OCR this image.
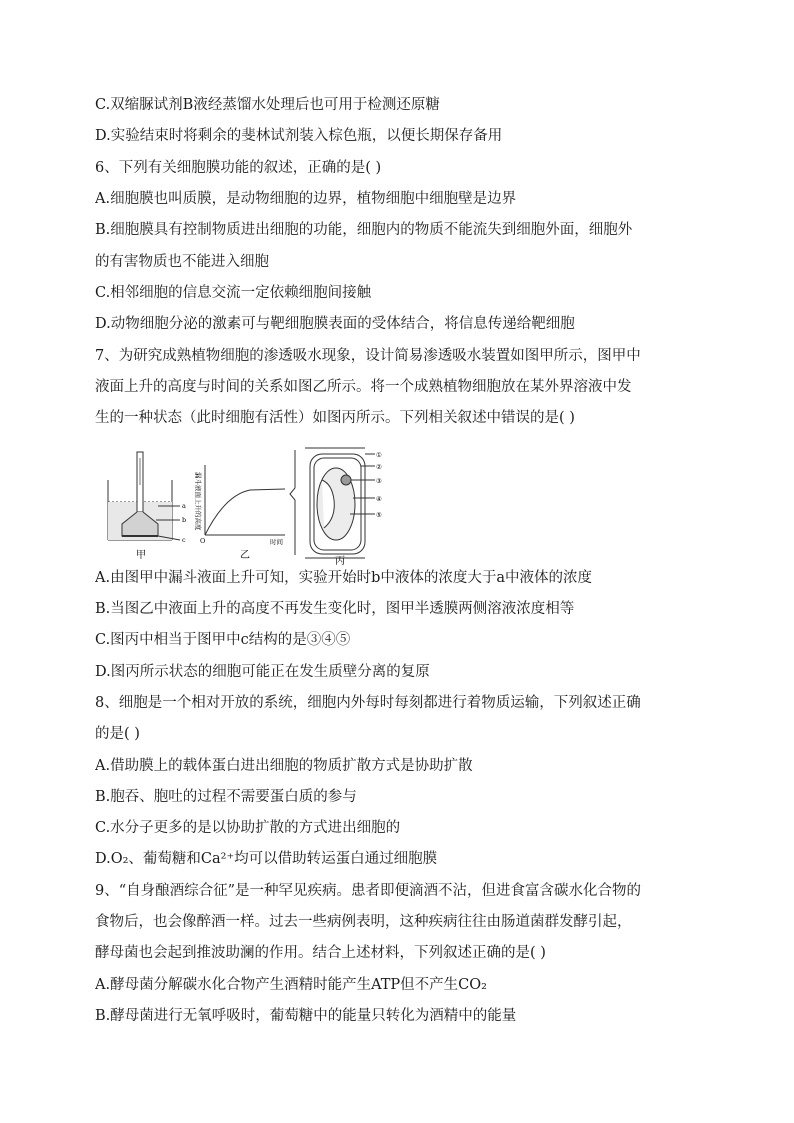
C.双缩脲试剂B液经蒸馏水处理后也可用于检测还原糖
D.实验结束时将剩余的斐林试剂装入棕色瓶，以便长期保存备用
6、下列有关细胞膜功能的叙述，正确的是( )
A.细胞膜也叫质膜，是动物细胞的边界，植物细胞中细胞壁是边界
B.细胞膜具有控制物质进出细胞的功能，细胞内的物质不能流失到细胞外面，细胞外
的有害物质也不能进入细胞
C.相邻细胞的信息交流一定依赖细胞间接触
D.动物细胞分泌的激素可与靶细胞膜表面的受体结合，将信息传递给靶细胞
7、为研究成熟植物细胞的渗透吸水现象，设计简易渗透吸水装置如图甲所示，图甲中
液面上升的高度与时间的关系如图乙所示。将一个成熟植物细胞放在某外界溶液中发
生的一种状态（此时细胞有活性）如图丙所示。下列相关叙述中错误的是( )
a
b
c
甲
漏斗液面上升的高度
O	时间
乙
①
②
③
④
⑤
丙
A.由图甲中漏斗液面上升可知，实验开始时b中液体的浓度大于a中液体的浓度
B.当图乙中液面上升的高度不再发生变化时，图甲半透膜两侧溶液浓度相等
C.图丙中相当于图甲中c结构的是③④⑤
D.图丙所示状态的细胞可能正在发生质壁分离的复原
8、细胞是一个相对开放的系统，细胞内外每时每刻都进行着物质运输，下列叙述正确
的是( )
A.借助膜上的载体蛋白进出细胞的物质扩散方式是协助扩散
B.胞吞、胞吐的过程不需要蛋白质的参与
C.水分子更多的是以协助扩散的方式进出细胞的
D.O₂、葡萄糖和Ca²⁺均可以借助转运蛋白通过细胞膜
9、“自身酿酒综合征”是一种罕见疾病。患者即便滴酒不沾，但进食富含碳水化合物的
食物后，也会像醉酒一样。过去一些病例表明，这种疾病往往由肠道菌群发酵引起，
酵母菌也会起到推波助澜的作用。结合上述材料，下列叙述正确的是( )
A.酵母菌分解碳水化合物产生酒精时能产生ATP但不产生CO₂
B.酵母菌进行无氧呼吸时，葡萄糖中的能量只转化为酒精中的能量
